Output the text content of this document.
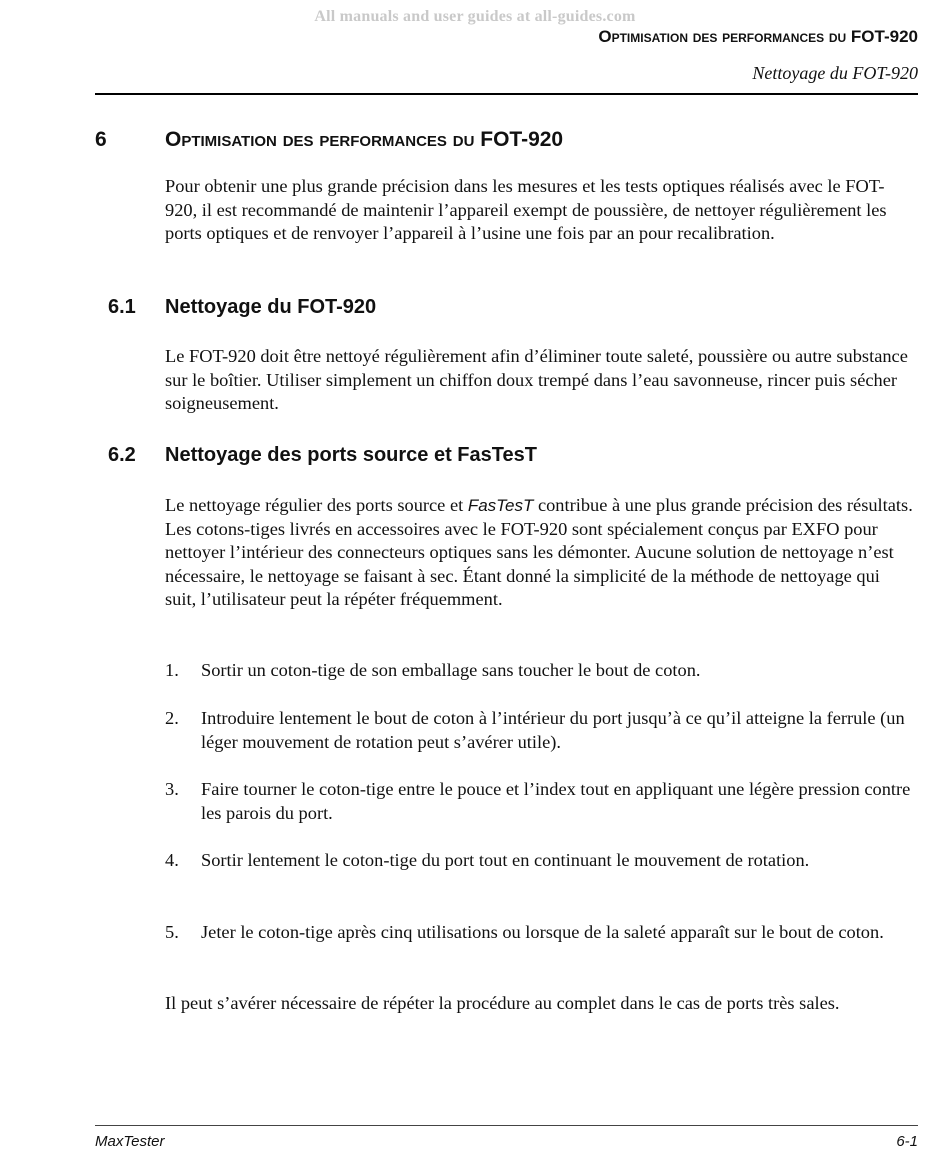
All manuals and user guides at all-guides.com
Optimisation des performances du FOT-920
Nettoyage du FOT-920
6	Optimisation des performances du FOT-920

Pour obtenir une plus grande précision dans les mesures et les tests optiques réalisés avec le FOT-920, il est recommandé de maintenir l’appareil exempt de poussière, de nettoyer régulièrement les ports optiques et de renvoyer l’appareil à l’usine une fois par an pour recalibration.

6.1 Nettoyage du FOT-920

Le FOT-920 doit être nettoyé régulièrement afin d’éliminer toute saleté, poussière ou autre substance sur le boîtier. Utiliser simplement un chiffon doux trempé dans l’eau savonneuse, rincer puis sécher soigneusement.

6.2 Nettoyage des ports source et FasTesT

Le nettoyage régulier des ports source et FasTesT contribue à une plus grande précision des résultats. Les cotons-tiges livrés en accessoires avec le FOT-920 sont spécialement conçus par EXFO pour nettoyer l’intérieur des connecteurs optiques sans les démonter. Aucune solution de nettoyage n’est nécessaire, le nettoyage se faisant à sec. Étant donné la simplicité de la méthode de nettoyage qui suit, l’utilisateur peut la répéter fréquemment.

1. Sortir un coton-tige de son emballage sans toucher le bout de coton.
2. Introduire lentement le bout de coton à l’intérieur du port jusqu’à ce qu’il atteigne la ferrule (un léger mouvement de rotation peut s’avérer utile).
3. Faire tourner le coton-tige entre le pouce et l’index tout en appliquant une légère pression contre les parois du port.
4. Sortir lentement le coton-tige du port tout en continuant le mouvement de rotation.
5. Jeter le coton-tige après cinq utilisations ou lorsque de la saleté apparaît sur le bout de coton.

Il peut s’avérer nécessaire de répéter la procédure au complet dans le cas de ports très sales.

MaxTester	6-1
